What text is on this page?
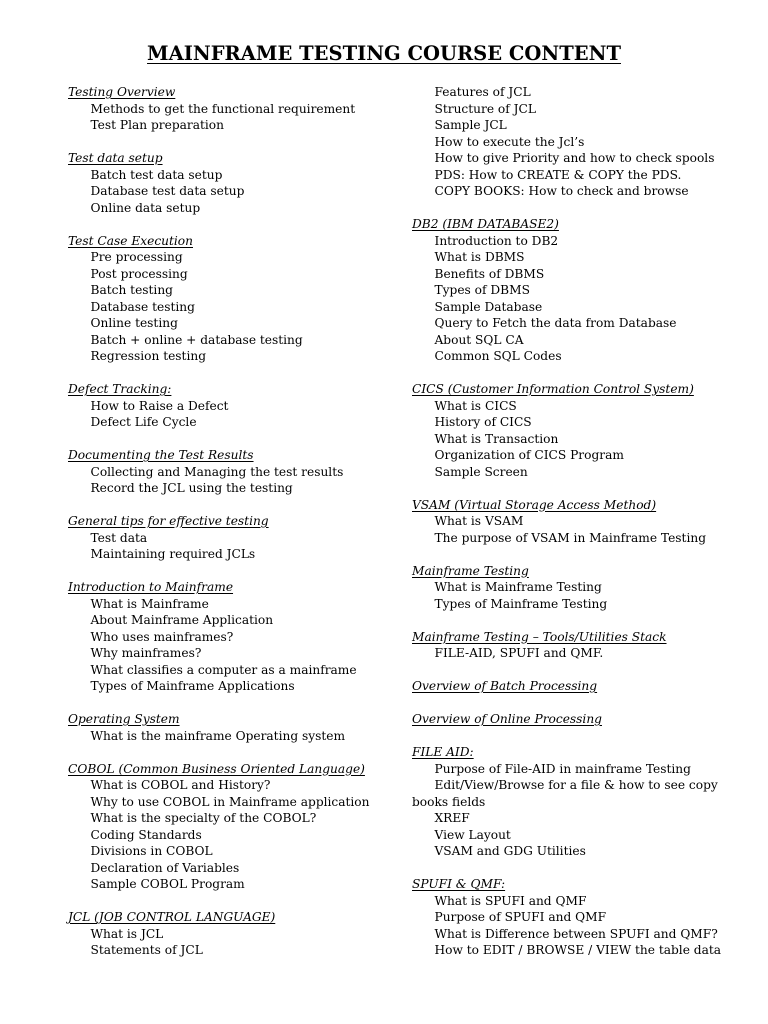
MAINFRAME TESTING COURSE CONTENT
Testing Overview
Methods to get the functional requirement
Test Plan preparation
Test data setup
Batch test data setup
Database test data setup
Online data setup
Test Case Execution
Pre processing
Post processing
Batch testing
Database testing
Online testing
Batch + online + database testing
Regression testing
Defect Tracking:
How to Raise a Defect
Defect Life Cycle
Documenting the Test Results
Collecting and Managing the test results
Record the JCL using the testing
General tips for effective testing
Test data
Maintaining required JCLs
Introduction to Mainframe
What is Mainframe
About Mainframe Application
Who uses mainframes?
Why mainframes?
What classifies a computer as a mainframe
Types of Mainframe Applications
Operating System
What is the mainframe Operating system
COBOL (Common Business Oriented Language)
What is COBOL and History?
Why to use COBOL in Mainframe application
What is the specialty of the COBOL?
Coding Standards
Divisions in COBOL
Declaration of Variables
Sample COBOL Program
JCL (JOB CONTROL LANGUAGE)
What is JCL
Statements of JCL
Features of JCL
Structure of JCL
Sample JCL
How to execute the Jcl’s
How to give Priority and how to check spools
PDS: How to CREATE & COPY the PDS.
COPY BOOKS: How to check and browse
DB2 (IBM DATABASE2)
Introduction to DB2
What is DBMS
Benefits of DBMS
Types of DBMS
Sample Database
Query to Fetch the data from Database
About SQL CA
Common SQL Codes
CICS (Customer Information Control System)
What is CICS
History of CICS
What is Transaction
Organization of CICS Program
Sample Screen
VSAM (Virtual Storage Access Method)
What is VSAM
The purpose of VSAM in Mainframe Testing
Mainframe Testing
What is Mainframe Testing
Types of Mainframe Testing
Mainframe Testing – Tools/Utilities Stack
FILE-AID, SPUFI and QMF.
Overview of Batch Processing
Overview of Online Processing
FILE AID:
Purpose of File-AID in mainframe Testing
Edit/View/Browse for a file & how to see copy books fields
XREF
View Layout
VSAM and GDG Utilities
SPUFI & QMF:
What is SPUFI and QMF
Purpose of SPUFI and QMF
What is Difference between SPUFI and QMF?
How to EDIT / BROWSE / VIEW the table data
